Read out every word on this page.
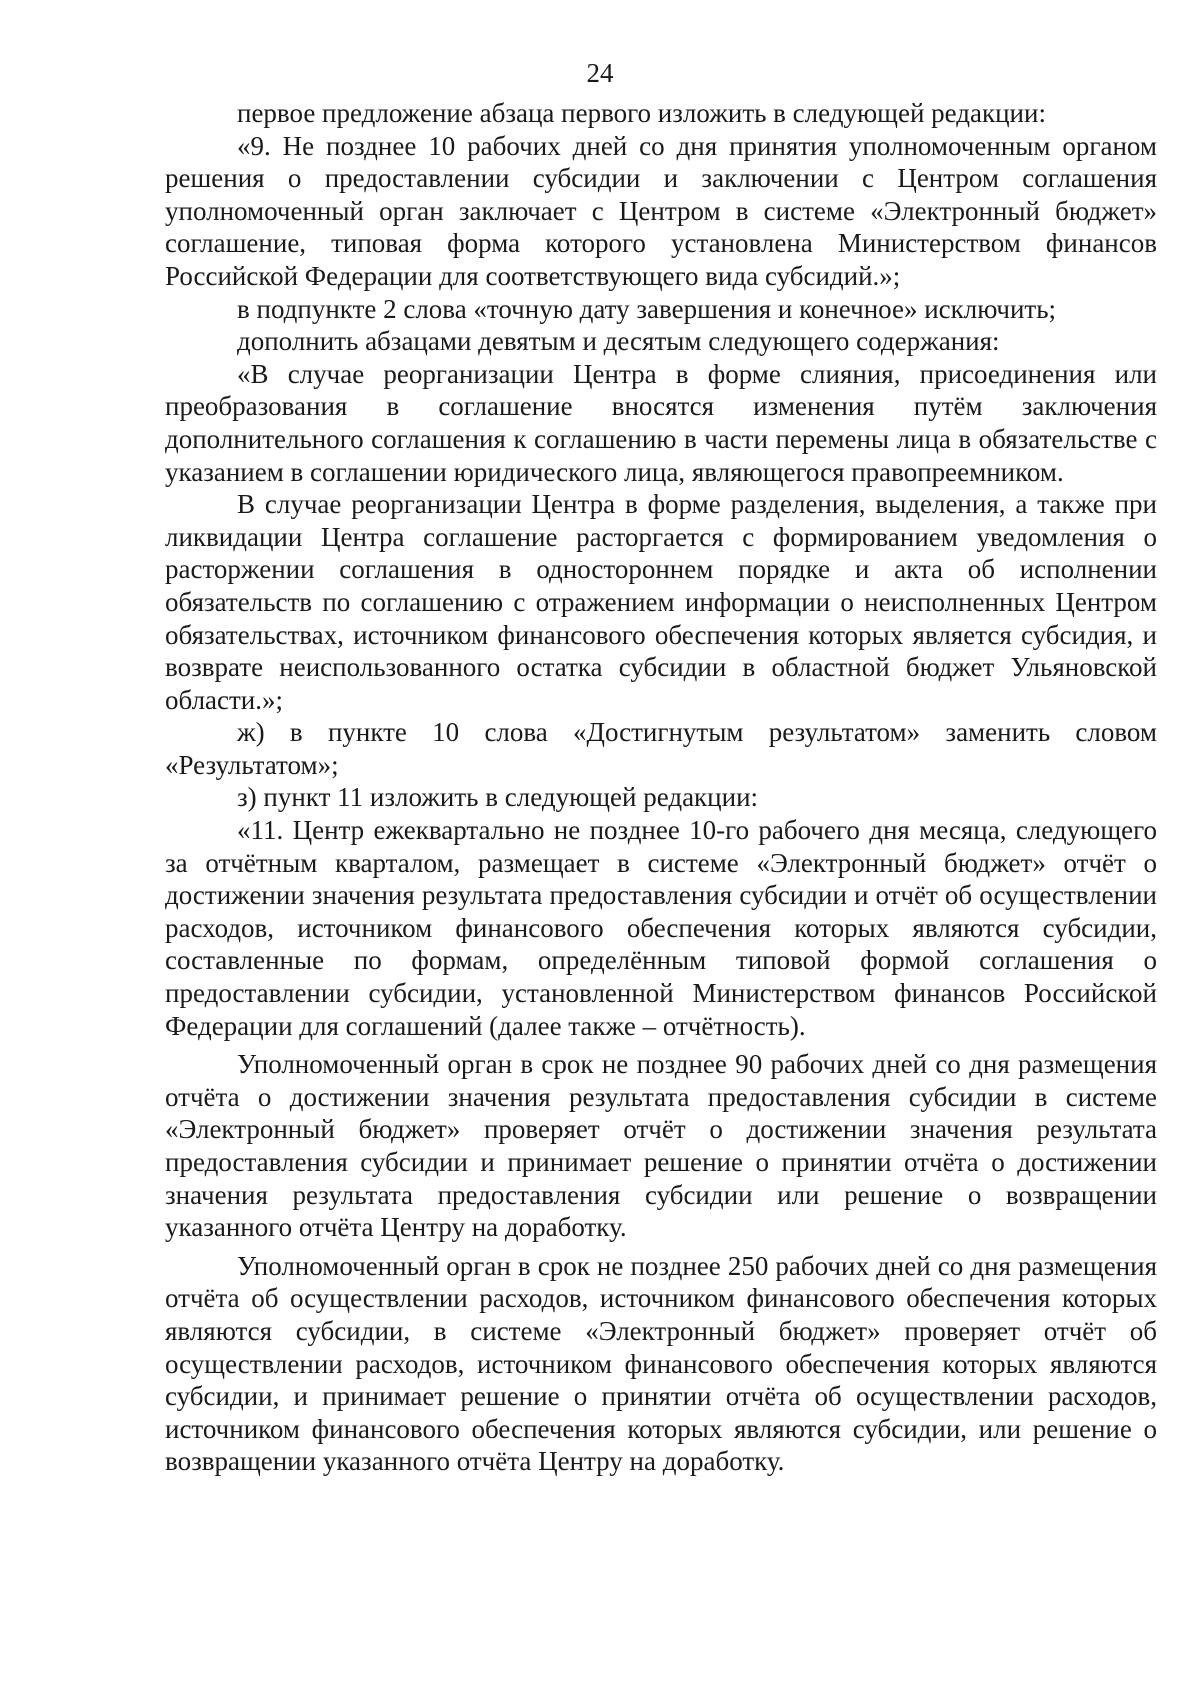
24

первое предложение абзаца первого изложить в следующей редакции:

«9. Не позднее 10 рабочих дней со дня принятия уполномоченным органом решения о предоставлении субсидии и заключении с Центром соглашения уполномоченный орган заключает с Центром в системе «Электронный бюджет» соглашение, типовая форма которого установлена Министерством финансов Российской Федерации для соответствующего вида субсидий.»;

в подпункте 2 слова «точную дату завершения и конечное» исключить;

дополнить абзацами девятым и десятым следующего содержания:

«В случае реорганизации Центра в форме слияния, присоединения или преобразования в соглашение вносятся изменения путём заключения дополнительного соглашения к соглашению в части перемены лица в обязательстве с указанием в соглашении юридического лица, являющегося правопреемником.

В случае реорганизации Центра в форме разделения, выделения, а также при ликвидации Центра соглашение расторгается с формированием уведомления о расторжении соглашения в одностороннем порядке и акта об исполнении обязательств по соглашению с отражением информации о неисполненных Центром обязательствах, источником финансового обеспечения которых является субсидия, и возврате неиспользованного остатка субсидии в областной бюджет Ульяновской области.»;

ж) в пункте 10 слова «Достигнутым результатом» заменить словом «Результатом»;

з) пункт 11 изложить в следующей редакции:

«11. Центр ежеквартально не позднее 10-го рабочего дня месяца, следующего за отчётным кварталом, размещает в системе «Электронный бюджет» отчёт о достижении значения результата предоставления субсидии и отчёт об осуществлении расходов, источником финансового обеспечения которых являются субсидии, составленные по формам, определённым типовой формой соглашения о предоставлении субсидии, установленной Министерством финансов Российской Федерации для соглашений (далее также – отчётность).

Уполномоченный орган в срок не позднее 90 рабочих дней со дня размещения отчёта о достижении значения результата предоставления субсидии в системе «Электронный бюджет» проверяет отчёт о достижении значения результата предоставления субсидии и принимает решение о принятии отчёта о достижении значения результата предоставления субсидии или решение о возвращении указанного отчёта Центру на доработку.

Уполномоченный орган в срок не позднее 250 рабочих дней со дня размещения отчёта об осуществлении расходов, источником финансового обеспечения которых являются субсидии, в системе «Электронный бюджет» проверяет отчёт об осуществлении расходов, источником финансового обеспечения которых являются субсидии, и принимает решение о принятии отчёта об осуществлении расходов, источником финансового обеспечения которых являются субсидии, или решение о возвращении указанного отчёта Центру на доработку.
